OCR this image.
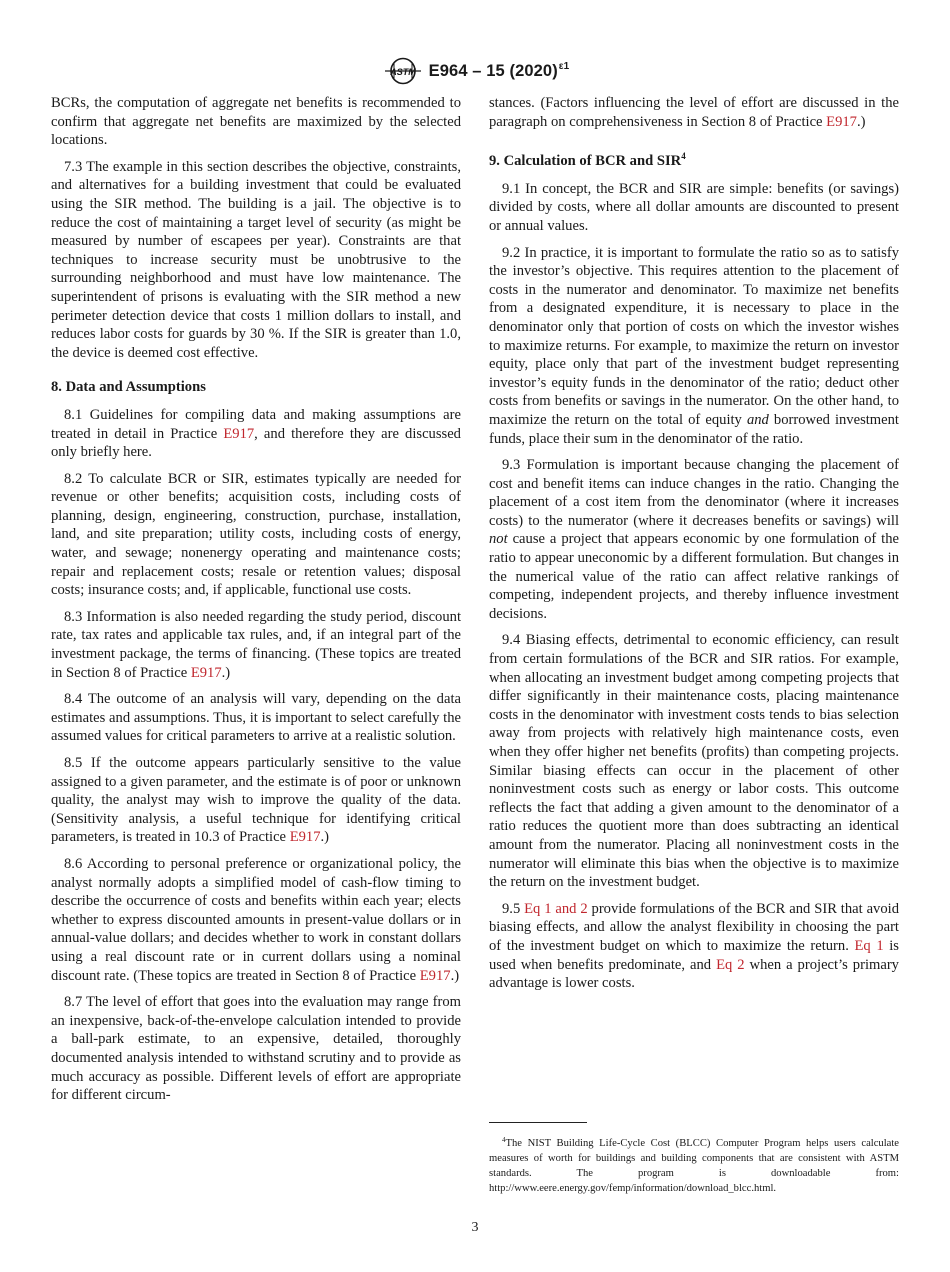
ASTM E964 – 15 $(2020)^{\varepsilon 1}$

BCRs, the computation of aggregate net benefits is recommended to confirm that aggregate net benefits are maximized by the selected locations.

7.3 The example in this section describes the objective, constraints, and alternatives for a building investment that could be evaluated using the SIR method. The building is a jail. The objective is to reduce the cost of maintaining a target level of security (as might be measured by number of escapees per year). Constraints are that techniques to increase security must be unobtrusive to the surrounding neighborhood and must have low maintenance. The superintendent of prisons is evaluating with the SIR method a new perimeter detection device that costs 1 million dollars to install, and reduces labor costs for guards by 30 %. If the SIR is greater than 1.0, the device is deemed cost effective.

8. Data and Assumptions

8.1 Guidelines for compiling data and making assumptions are treated in detail in Practice E917, and therefore they are discussed only briefly here.

8.2 To calculate BCR or SIR, estimates typically are needed for revenue or other benefits; acquisition costs, including costs of planning, design, engineering, construction, purchase, installation, land, and site preparation; utility costs, including costs of energy, water, and sewage; nonenergy operating and maintenance costs; repair and replacement costs; resale or retention values; disposal costs; insurance costs; and, if applicable, functional use costs.

8.3 Information is also needed regarding the study period, discount rate, tax rates and applicable tax rules, and, if an integral part of the investment package, the terms of financing. (These topics are treated in Section 8 of Practice E917.)

8.4 The outcome of an analysis will vary, depending on the data estimates and assumptions. Thus, it is important to select carefully the assumed values for critical parameters to arrive at a realistic solution.

8.5 If the outcome appears particularly sensitive to the value assigned to a given parameter, and the estimate is of poor or unknown quality, the analyst may wish to improve the quality of the data. (Sensitivity analysis, a useful technique for identifying critical parameters, is treated in 10.3 of Practice E917.)

8.6 According to personal preference or organizational policy, the analyst normally adopts a simplified model of cash-flow timing to describe the occurrence of costs and benefits within each year; elects whether to express discounted amounts in present-value dollars or in annual-value dollars; and decides whether to work in constant dollars using a real discount rate or in current dollars using a nominal discount rate. (These topics are treated in Section 8 of Practice E917.)

8.7 The level of effort that goes into the evaluation may range from an inexpensive, back-of-the-envelope calculation intended to provide a ball-park estimate, to an expensive, detailed, thoroughly documented analysis intended to withstand scrutiny and to provide as much accuracy as possible. Different levels of effort are appropriate for different circum-

stances. (Factors influencing the level of effort are discussed in the paragraph on comprehensiveness in Section 8 of Practice E917.)

9. Calculation of BCR and SIR$^4$

9.1 In concept, the BCR and SIR are simple: benefits (or savings) divided by costs, where all dollar amounts are discounted to present or annual values.

9.2 In practice, it is important to formulate the ratio so as to satisfy the investor’s objective. This requires attention to the placement of costs in the numerator and denominator. To maximize net benefits from a designated expenditure, it is necessary to place in the denominator only that portion of costs on which the investor wishes to maximize returns. For example, to maximize the return on investor equity, place only that part of the investment budget representing investor’s equity funds in the denominator of the ratio; deduct other costs from benefits or savings in the numerator. On the other hand, to maximize the return on the total of equity and borrowed investment funds, place their sum in the denominator of the ratio.

9.3 Formulation is important because changing the placement of cost and benefit items can induce changes in the ratio. Changing the placement of a cost item from the denominator (where it increases costs) to the numerator (where it decreases benefits or savings) will not cause a project that appears economic by one formulation of the ratio to appear uneconomic by a different formulation. But changes in the numerical value of the ratio can affect relative rankings of competing, independent projects, and thereby influence investment decisions.

9.4 Biasing effects, detrimental to economic efficiency, can result from certain formulations of the BCR and SIR ratios. For example, when allocating an investment budget among competing projects that differ significantly in their maintenance costs, placing maintenance costs in the denominator with investment costs tends to bias selection away from projects with relatively high maintenance costs, even when they offer higher net benefits (profits) than competing projects. Similar biasing effects can occur in the placement of other noninvestment costs such as energy or labor costs. This outcome reflects the fact that adding a given amount to the denominator of a ratio reduces the quotient more than does subtracting an identical amount from the numerator. Placing all noninvestment costs in the numerator will eliminate this bias when the objective is to maximize the return on the investment budget.

9.5 Eq 1 and 2 provide formulations of the BCR and SIR that avoid biasing effects, and allow the analyst flexibility in choosing the part of the investment budget on which to maximize the return. Eq 1 is used when benefits predominate, and Eq 2 when a project’s primary advantage is lower costs.

$^4$The NIST Building Life-Cycle Cost (BLCC) Computer Program helps users calculate measures of worth for buildings and building components that are consistent with ASTM standards. The program is downloadable from: http://www.eere.energy.gov/femp/information/download_blcc.html.
3
